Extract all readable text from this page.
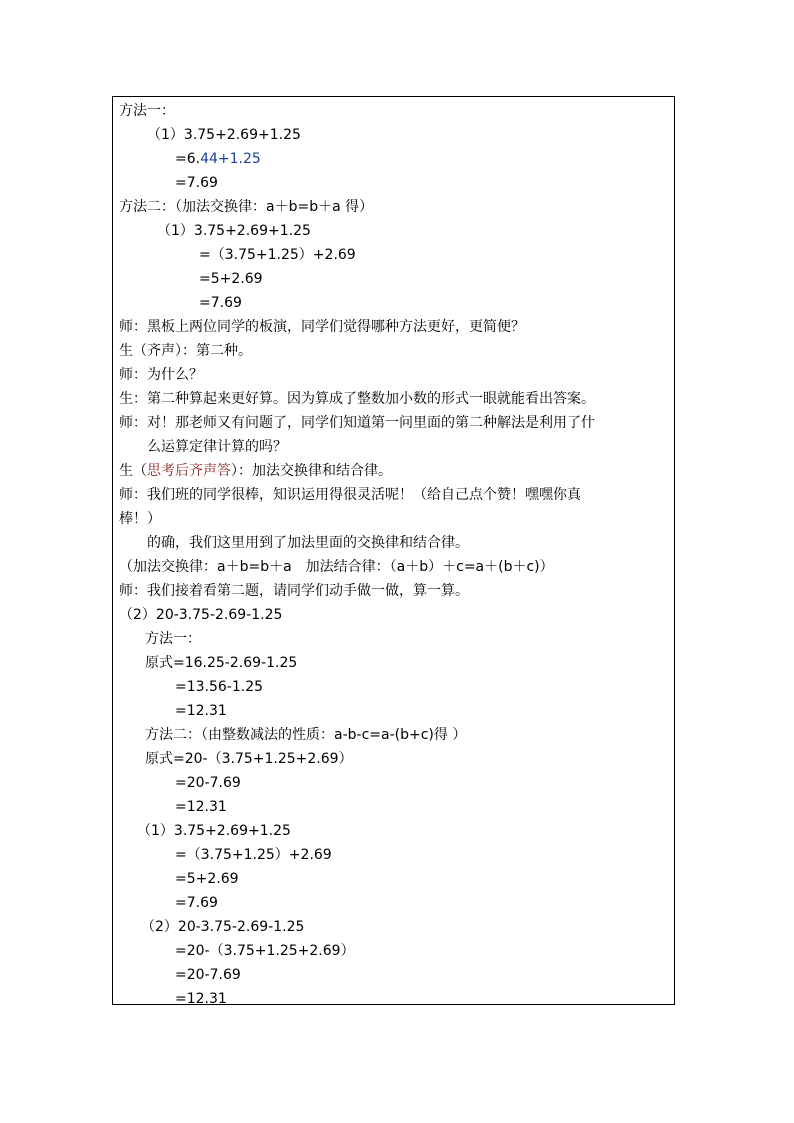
方法一：
（1）3.75+2.69+1.25
=6.44+1.25
=7.69
方法二：（加法交换律：a＋b=b＋a 得）
（1）3.75+2.69+1.25
=（3.75+1.25）+2.69
=5+2.69
=7.69
师：黑板上两位同学的板演，同学们觉得哪种方法更好，更简便？
生（齐声）：第二种。
师：为什么？
生：第二种算起来更好算。因为算成了整数加小数的形式一眼就能看出答案。
师：对！那老师又有问题了，同学们知道第一问里面的第二种解法是利用了什
么运算定律计算的吗？
生（思考后齐声答）：加法交换律和结合律。
师：我们班的同学很棒，知识运用得很灵活呢！（给自己点个赞！嘿嘿你真
棒！）
的确，我们这里用到了加法里面的交换律和结合律。
（加法交换律：a＋b=b＋a　加法结合律：（a＋b）＋c=a＋(b＋c)）
师：我们接着看第二题，请同学们动手做一做，算一算。
（2）20-3.75-2.69-1.25
方法一：
原式=16.25-2.69-1.25
=13.56-1.25
=12.31
方法二：（由整数减法的性质：a-b-c=a-(b+c)得 ）
原式=20-（3.75+1.25+2.69）
=20-7.69
=12.31
（1）3.75+2.69+1.25
=（3.75+1.25）+2.69
=5+2.69
=7.69
（2）20-3.75-2.69-1.25
=20-（3.75+1.25+2.69）
=20-7.69
=12.31
